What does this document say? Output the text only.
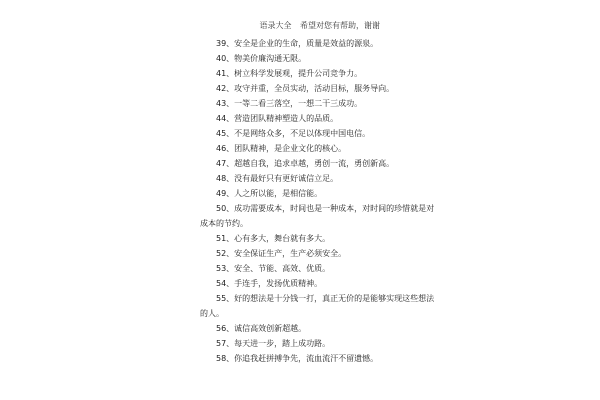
语录大全 希望对您有帮助，谢谢
39、安全是企业的生命，质量是效益的源泉。
40、物美价廉沟通无限。
41、树立科学发展观，提升公司竞争力。
42、攻守并重，全员实动，活动目标，服务导向。
43、一等二看三落空，一想二干三成功。
44、营造团队精神塑造人的品质。
45、不是网络众多，不足以体现中国电信。
46、团队精神，是企业文化的核心。
47、超越自我，追求卓越，勇创一流，勇创新高。
48、没有最好只有更好诚信立足。
49、人之所以能，是相信能。
50、成功需要成本，时间也是一种成本，对时间的珍惜就是对
成本的节约。
51、心有多大，舞台就有多大。
52、安全保证生产，生产必须安全。
53、安全、节能、高效、优质。
54、手连手，发扬优质精神。
55、好的想法是十分钱一打，真正无价的是能够实现这些想法
的人。
56、诚信高效创新超越。
57、每天进一步，踏上成功路。
58、你追我赶拼搏争先，流血流汗不留遗憾。
